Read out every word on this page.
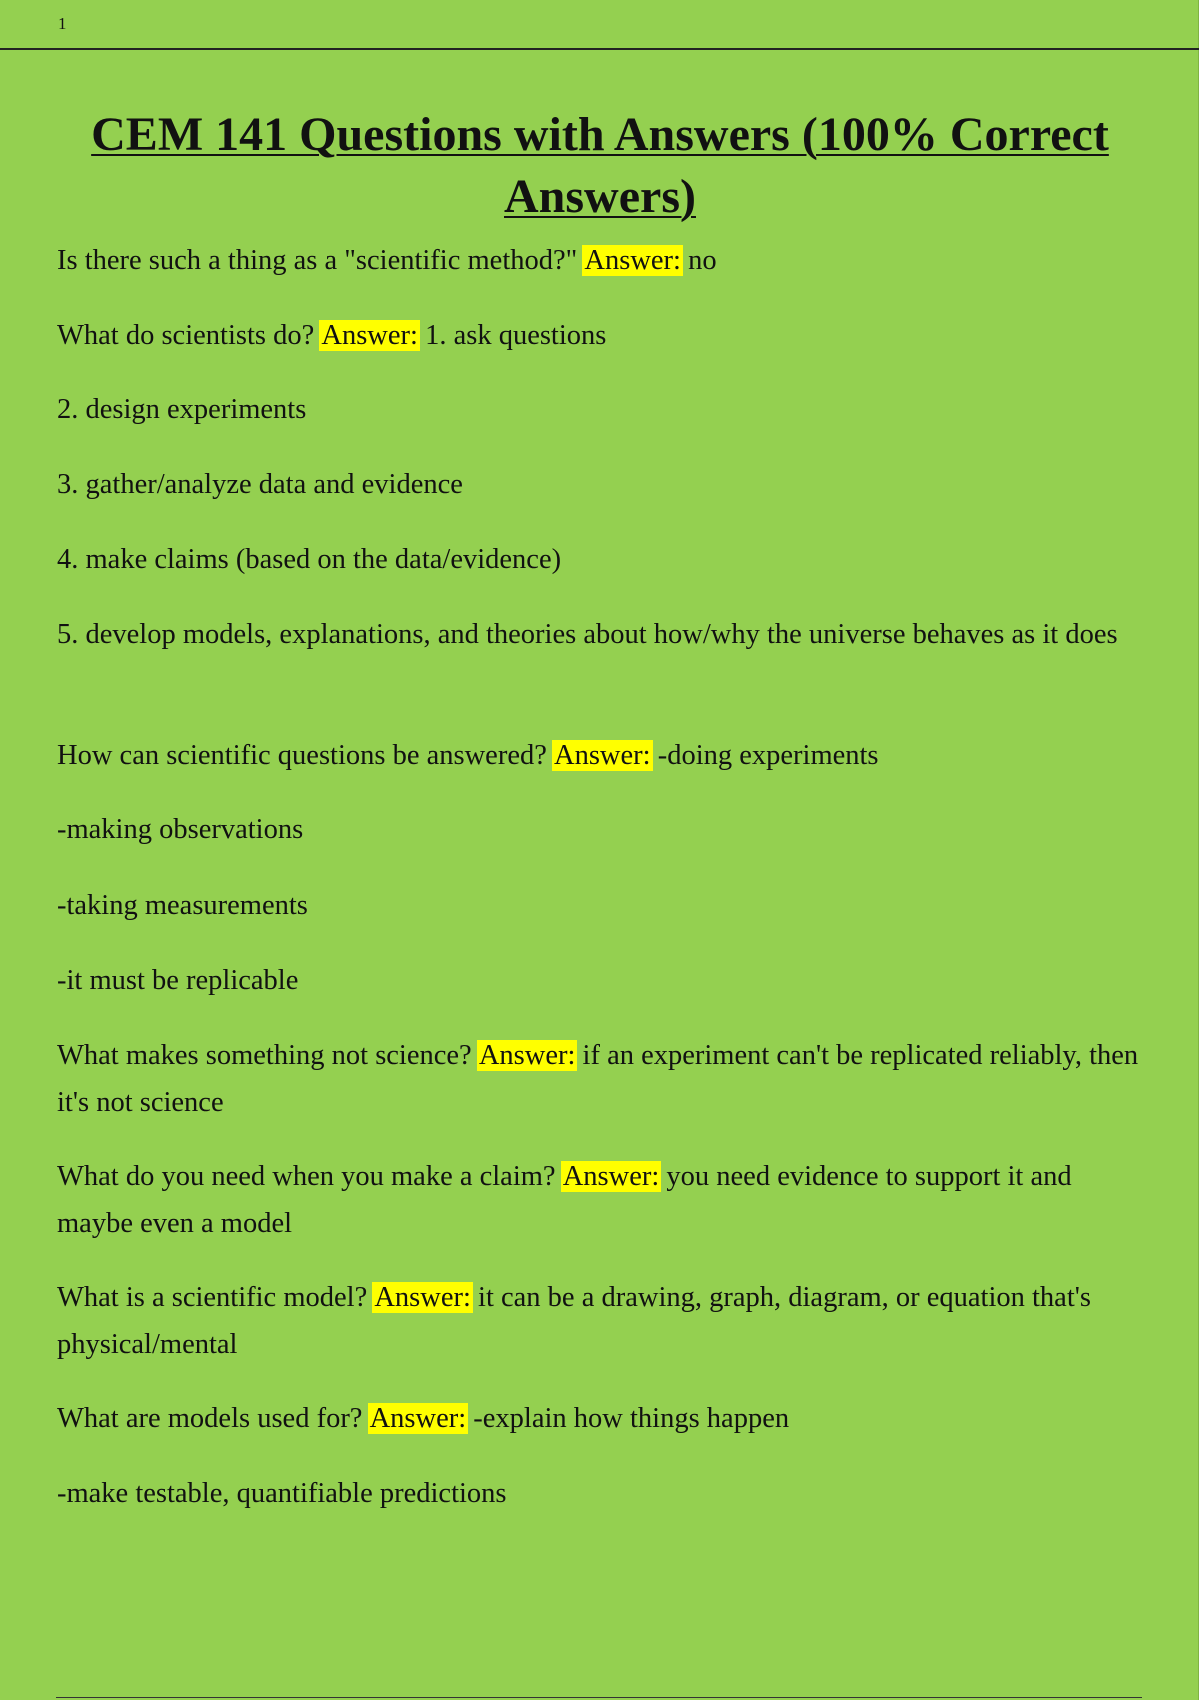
1
CEM 141 Questions with Answers (100% Correct Answers)

Is there such a thing as a "scientific method?" Answer: no

What do scientists do? Answer: 1. ask questions

2. design experiments

3. gather/analyze data and evidence

4. make claims (based on the data/evidence)

5. develop models, explanations, and theories about how/why the universe behaves as it does

How can scientific questions be answered? Answer: -doing experiments

-making observations

-taking measurements

-it must be replicable

What makes something not science? Answer: if an experiment can't be replicated reliably, then it's not science

What do you need when you make a claim? Answer: you need evidence to support it and maybe even a model

What is a scientific model? Answer: it can be a drawing, graph, diagram, or equation that's physical/mental

What are models used for? Answer: -explain how things happen

-make testable, quantifiable predictions
